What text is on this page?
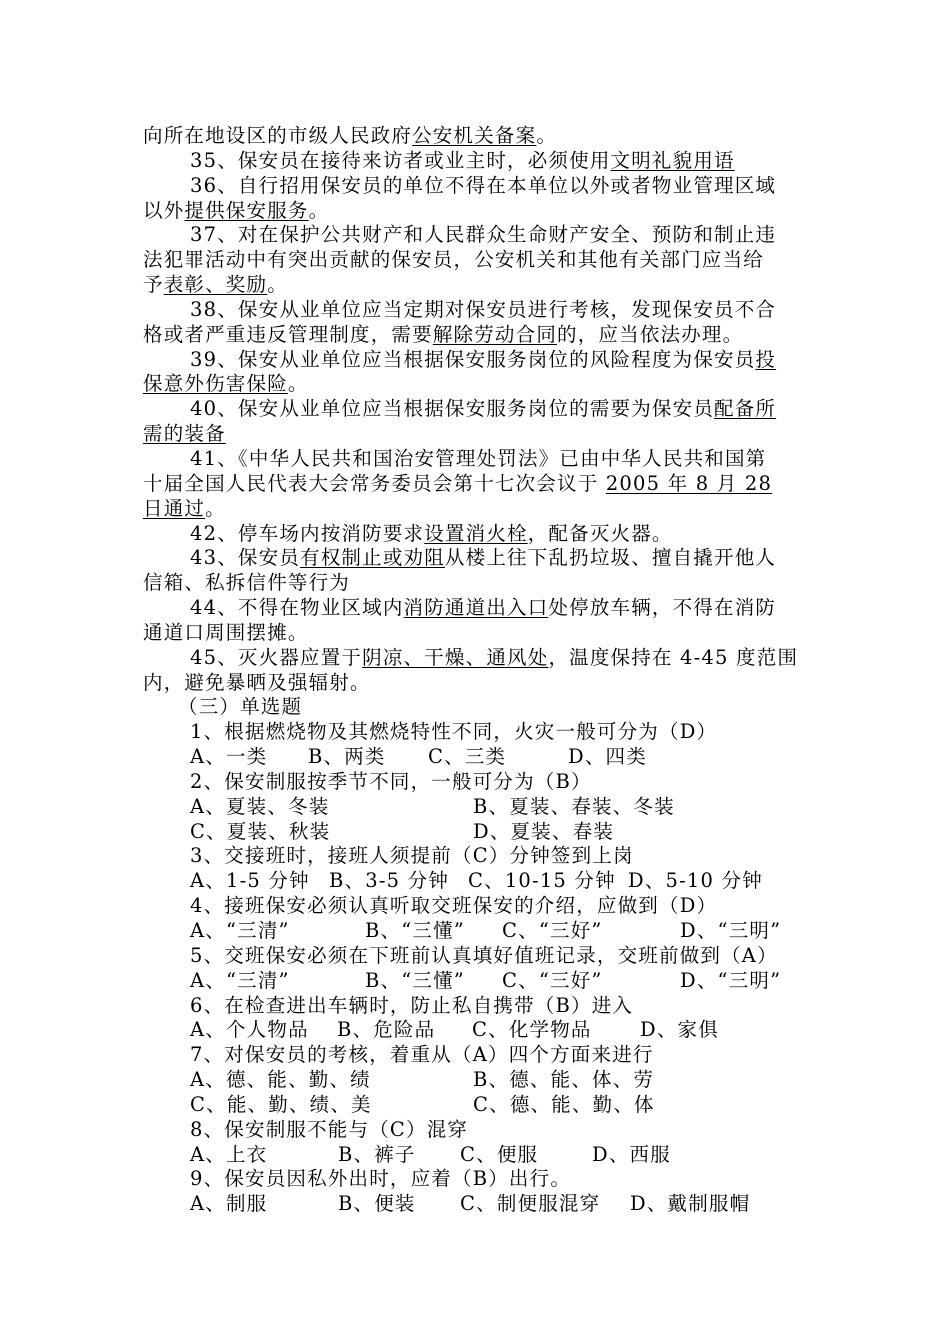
向所在地设区的市级人民政府公安机关备案。
35、保安员在接待来访者或业主时，必须使用文明礼貌用语
36、自行招用保安员的单位不得在本单位以外或者物业管理区域
以外提供保安服务。
37、对在保护公共财产和人民群众生命财产安全、预防和制止违
法犯罪活动中有突出贡献的保安员，公安机关和其他有关部门应当给
予表彰、奖励。
38、保安从业单位应当定期对保安员进行考核，发现保安员不合
格或者严重违反管理制度，需要解除劳动合同的，应当依法办理。
39、保安从业单位应当根据保安服务岗位的风险程度为保安员投
保意外伤害保险。
40、保安从业单位应当根据保安服务岗位的需要为保安员配备所
需的装备
41、《中华人民共和国治安管理处罚法》已由中华人民共和国第
十届全国人民代表大会常务委员会第十七次会议于 2005 年 8 月 28
日通过。
42、停车场内按消防要求设置消火栓，配备灭火器。
43、保安员有权制止或劝阻从楼上往下乱扔垃圾、擅自撬开他人
信箱、私拆信件等行为
44、不得在物业区域内消防通道出入口处停放车辆，不得在消防
通道口周围摆摊。
45、灭火器应置于阴凉、干燥、通风处，温度保持在 4-45 度范围
内，避免暴晒及强辐射。
（三）单选题
1、根据燃烧物及其燃烧特性不同，火灾一般可分为（D）
A、一类 B、两类 C、三类	D、四类
2、保安制服按季节不同，一般可分为（B）
A、夏装、冬装	B、夏装、春装、冬装
C、夏装、秋装	D、夏装、春装
3、交接班时，接班人须提前（C）分钟签到上岗
A、1-5 分钟 B、3-5 分钟 C、10-15 分钟 D、5-10 分钟
4、接班保安必须认真听取交班保安的介绍，应做到（D）
A、“三清”	B、“三懂” C、“三好”	D、“三明”
5、交班保安必须在下班前认真填好值班记录，交班前做到（A）
A、“三清”	B、“三懂” C、“三好”	D、“三明”
6、在检查进出车辆时，防止私自携带（B）进入
A、个人物品 B、危险品 C、化学物品 D、家俱
7、对保安员的考核，着重从（A）四个方面来进行
A、德、能、勤、绩	B、德、能、体、劳
C、能、勤、绩、美	C、德、能、勤、体
8、保安制服不能与（C）混穿
A、上衣	B、裤子 C、便服	D、西服
9、保安员因私外出时，应着（B）出行。
A、制服	B、便装 C、制便服混穿 D、戴制服帽
